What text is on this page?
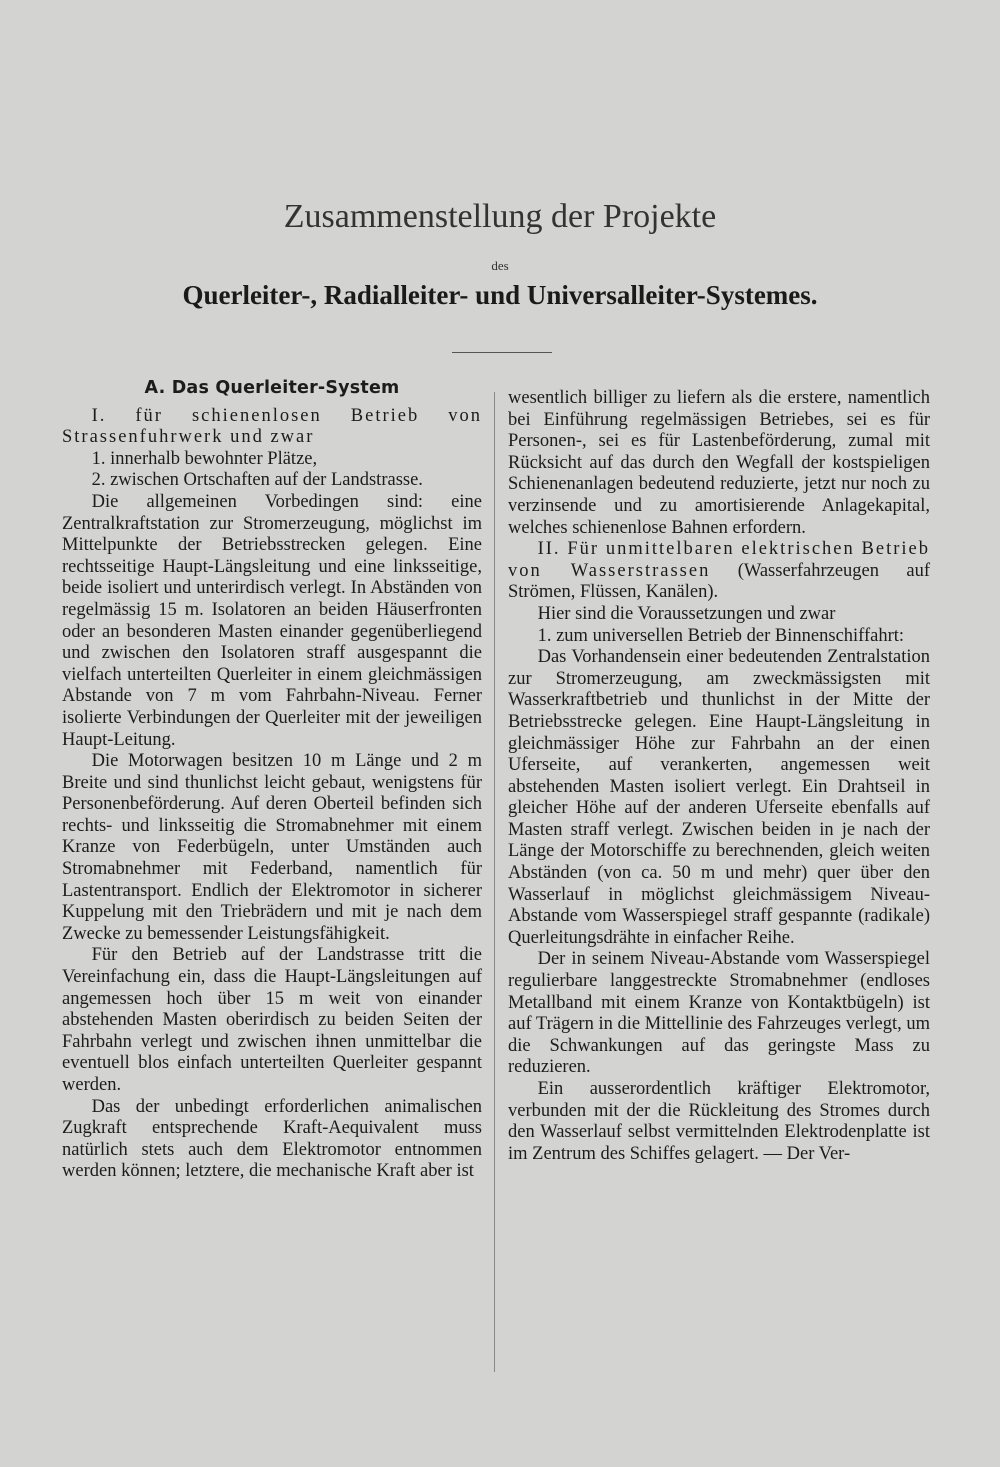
Zusammenstellung der Projekte
des
Querleiter-, Radialleiter- und Universalleiter-Systemes.
A. Das Querleiter-System

I. für schienenlosen Betrieb von Strassenfuhrwerk und zwar

1. innerhalb bewohnter Plätze,

2. zwischen Ortschaften auf der Landstrasse.

Die allgemeinen Vorbedingen sind: eine Zentralkraftstation zur Stromerzeugung, möglichst im Mittelpunkte der Betriebsstrecken gelegen. Eine rechtsseitige Haupt-Längsleitung und eine linksseitige, beide isoliert und unterirdisch verlegt. In Abständen von regelmässig 15 m. Isolatoren an beiden Häuserfronten oder an besonderen Masten einander gegenüberliegend und zwischen den Isolatoren straff ausgespannt die vielfach unterteilten Querleiter in einem gleichmässigen Abstande von 7 m vom Fahrbahn-Niveau. Ferner isolierte Verbindungen der Querleiter mit der jeweiligen Haupt-Leitung.

Die Motorwagen besitzen 10 m Länge und 2 m Breite und sind thunlichst leicht gebaut, wenigstens für Personenbeförderung. Auf deren Oberteil befinden sich rechts- und linksseitig die Stromabnehmer mit einem Kranze von Federbügeln, unter Umständen auch Stromabnehmer mit Federband, namentlich für Lastentransport. Endlich der Elektromotor in sicherer Kuppelung mit den Triebrädern und mit je nach dem Zwecke zu bemessender Leistungsfähigkeit.

Für den Betrieb auf der Landstrasse tritt die Vereinfachung ein, dass die Haupt-Längsleitungen auf angemessen hoch über 15 m weit von einander abstehenden Masten oberirdisch zu beiden Seiten der Fahrbahn verlegt und zwischen ihnen unmittelbar die eventuell blos einfach unterteilten Querleiter gespannt werden.

Das der unbedingt erforderlichen animalischen Zugkraft entsprechende Kraft-Aequivalent muss natürlich stets auch dem Elektromotor entnommen werden können; letztere, die mechanische Kraft aber ist

wesentlich billiger zu liefern als die erstere, namentlich bei Einführung regelmässigen Betriebes, sei es für Personen-, sei es für Lastenbeförderung, zumal mit Rücksicht auf das durch den Wegfall der kostspieligen Schienenanlagen bedeutend reduzierte, jetzt nur noch zu verzinsende und zu amortisierende Anlagekapital, welches schienenlose Bahnen erfordern.

II. Für unmittelbaren elektrischen Betrieb von Wasserstrassen (Wasserfahrzeugen auf Strömen, Flüssen, Kanälen).

Hier sind die Voraussetzungen und zwar

1. zum universellen Betrieb der Binnenschiffahrt:

Das Vorhandensein einer bedeutenden Zentralstation zur Stromerzeugung, am zweckmässigsten mit Wasserkraftbetrieb und thunlichst in der Mitte der Betriebsstrecke gelegen. Eine Haupt-Längsleitung in gleichmässiger Höhe zur Fahrbahn an der einen Uferseite, auf verankerten, angemessen weit abstehenden Masten isoliert verlegt. Ein Drahtseil in gleicher Höhe auf der anderen Uferseite ebenfalls auf Masten straff verlegt. Zwischen beiden in je nach der Länge der Motorschiffe zu berechnenden, gleich weiten Abständen (von ca. 50 m und mehr) quer über den Wasserlauf in möglichst gleichmässigem Niveau-Abstande vom Wasserspiegel straff gespannte (radikale) Querleitungsdrähte in einfacher Reihe.

Der in seinem Niveau-Abstande vom Wasserspiegel regulierbare langgestreckte Stromabnehmer (endloses Metallband mit einem Kranze von Kontaktbügeln) ist auf Trägern in die Mittellinie des Fahrzeuges verlegt, um die Schwankungen auf das geringste Mass zu reduzieren.

Ein ausserordentlich kräftiger Elektromotor, verbunden mit der die Rückleitung des Stromes durch den Wasserlauf selbst vermittelnden Elektrodenplatte ist im Zentrum des Schiffes gelagert. — Der Ver-
